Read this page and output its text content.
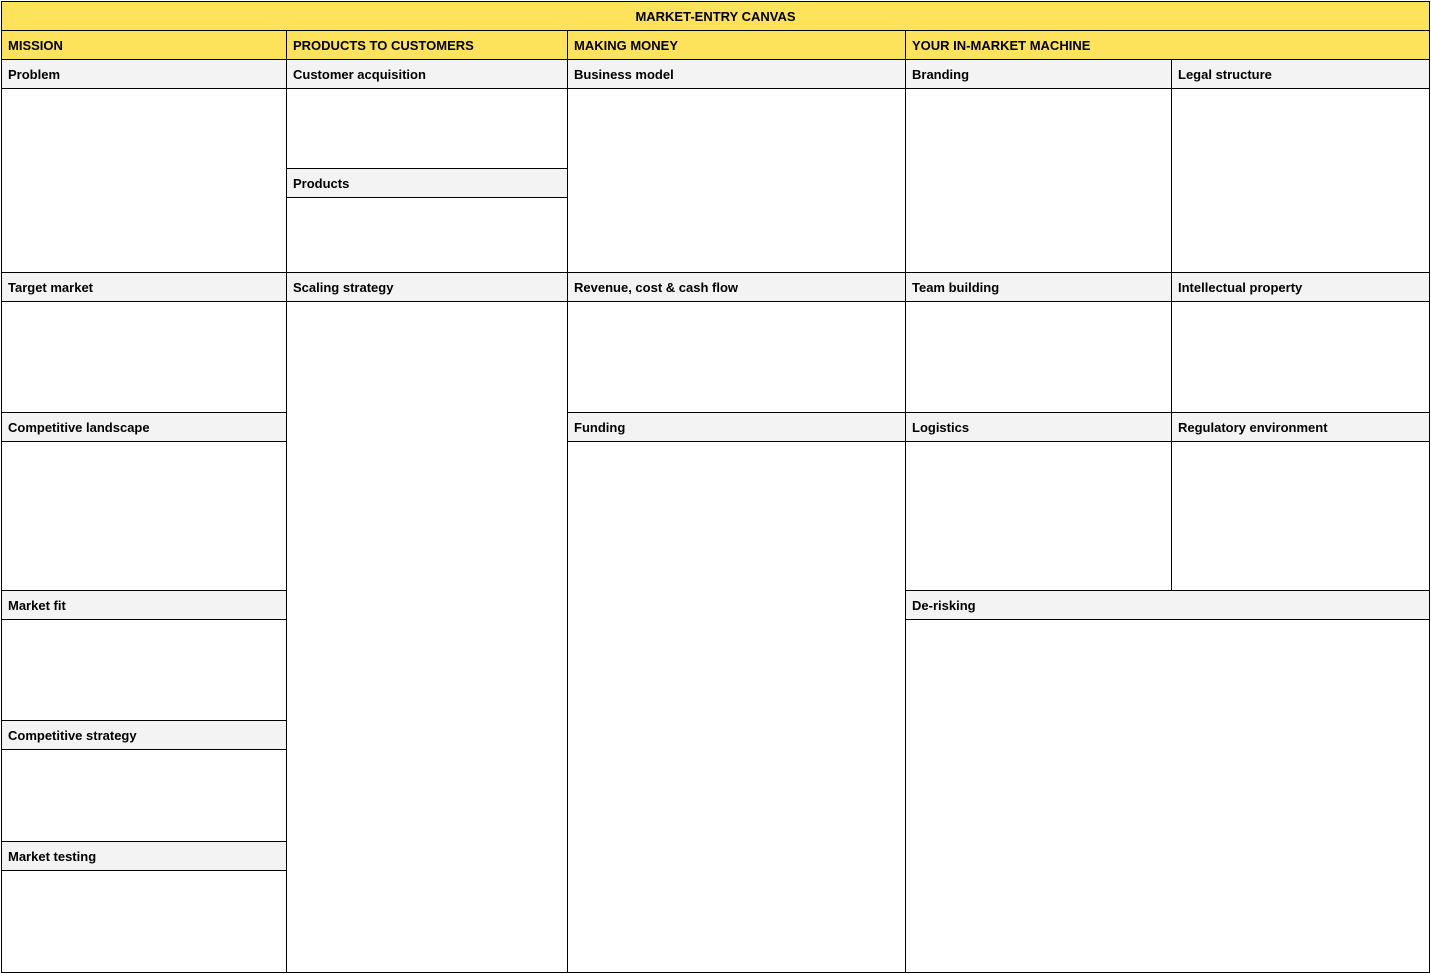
MARKET-ENTRY CANVAS
MISSION	PRODUCTS TO CUSTOMERS	MAKING MONEY	YOUR IN-MARKET MACHINE
Problem
Target market
Competitive landscape
Market fit
Competitive strategy
Market testing
Customer acquisition
Products
Scaling strategy
Business model
Revenue, cost & cash flow
Funding
Branding	Legal structure
Team building	Intellectual property
Logistics	Regulatory environment
De-risking
